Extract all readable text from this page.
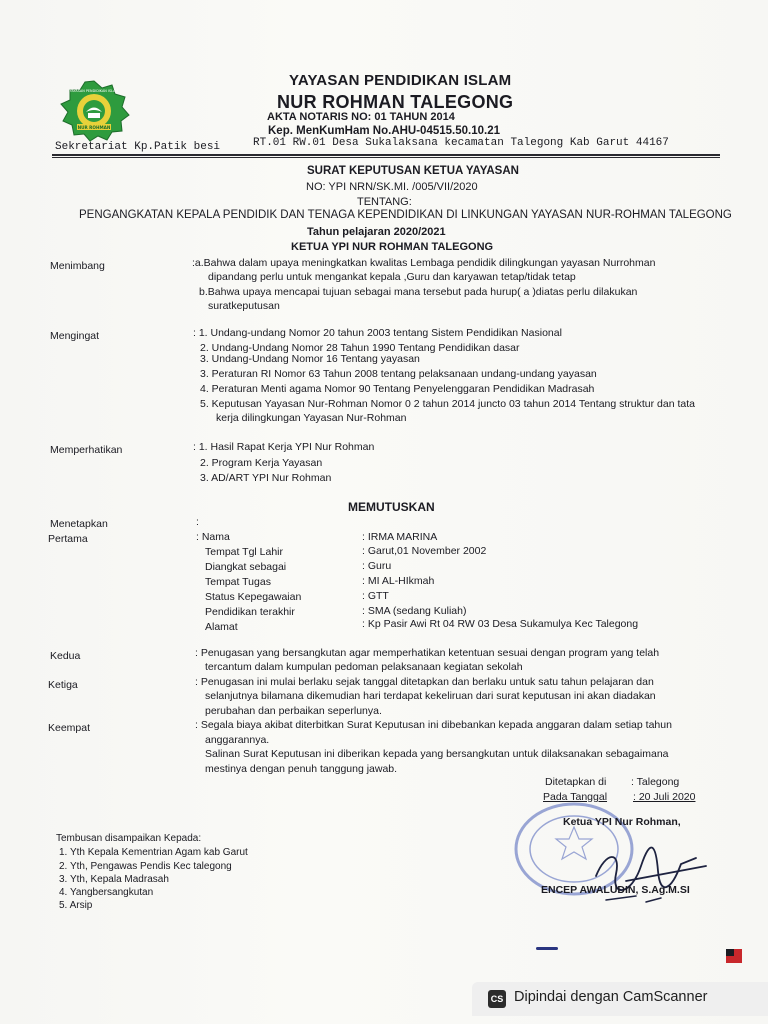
YAYASAN PENDIDIKAN ISLAM
NUR ROHMAN
YAYASAN PENDIDIKAN ISLAM
NUR ROHMAN TALEGONG
AKTA NOTARIS NO: 01 TAHUN 2014
Kep. MenKumHam No.AHU-04515.50.10.21
Sekretariat Kp.Patik besi	RT.01 RW.01 Desa Sukalaksana kecamatan Talegong Kab Garut 44167
SURAT KEPUTUSAN KETUA YAYASAN
NO: YPI NRN/SK.MI. /005/VII/2020
TENTANG:
PENGANGKATAN KEPALA PENDIDIK DAN TENAGA KEPENDIDIKAN DI LINKUNGAN YAYASAN NUR-ROHMAN TALEGONG
Tahun pelajaran 2020/2021
KETUA YPI NUR ROHMAN TALEGONG
Menimbang	:a.Bahwa dalam upaya meningkatkan kwalitas Lembaga pendidik dilingkungan yayasan Nurrohman
dipandang perlu untuk mengankat kepala ,Guru dan karyawan tetap/tidak tetap
b.Bahwa upaya mencapai tujuan sebagai mana tersebut pada hurup( a )diatas perlu dilakukan
suratkeputusan
Mengingat	: 1. Undang-undang Nomor 20 tahun 2003 tentang Sistem Pendidikan Nasional
2. Undang-Undang Nomor 28 Tahun 1990 Tentang Pendidikan dasar
3. Undang-Undang Nomor 16 Tentang yayasan
3. Peraturan RI Nomor 63 Tahun 2008 tentang pelaksanaan undang-undang yayasan
4. Peraturan Menti agama Nomor 90 Tentang Penyelenggaran Pendidikan Madrasah
5. Keputusan Yayasan Nur-Rohman Nomor 0 2 tahun 2014 juncto 03 tahun 2014 Tentang struktur dan tata
kerja dilingkungan Yayasan Nur-Rohman
Memperhatikan	: 1. Hasil Rapat Kerja YPI Nur Rohman
2. Program Kerja Yayasan
3. AD/ART YPI Nur Rohman
MEMUTUSKAN
Menetapkan	:
Pertama	: Nama	: IRMA MARINA
Tempat Tgl Lahir	: Garut,01 November 2002
Diangkat sebagai	: Guru
Tempat Tugas	: MI AL-HIkmah
Status Kepegawaian	: GTT
Pendidikan terakhir	: SMA (sedang Kuliah)
Alamat	: Kp Pasir Awi Rt 04 RW 03 Desa Sukamulya Kec Talegong
Kedua	: Penugasan yang bersangkutan agar memperhatikan ketentuan sesuai dengan program yang telah
tercantum dalam kumpulan pedoman pelaksanaan kegiatan sekolah
Ketiga	: Penugasan ini mulai berlaku sejak tanggal ditetapkan dan berlaku untuk satu tahun pelajaran dan
selanjutnya bilamana dikemudian hari terdapat kekeliruan dari surat keputusan ini akan diadakan
perubahan dan perbaikan seperlunya.
Keempat	: Segala biaya akibat diterbitkan Surat Keputusan ini dibebankan kepada anggaran dalam setiap tahun
anggarannya.
Salinan Surat Keputusan ini diberikan kepada yang bersangkutan untuk dilaksanakan sebagaimana
mestinya dengan penuh tanggung jawab.
Ditetapkan di : Talegong
Pada Tanggal : 20 Juli 2020
Ketua YPI Nur Rohman,
ENCEP AWALUDIN, S.Ag.M.SI
Tembusan disampaikan Kepada:
1. Yth Kepala Kementrian Agam kab Garut
2. Yth, Pengawas Pendis Kec talegong
3. Yth, Kepala Madrasah
4. Yangbersangkutan
5. Arsip
CS Dipindai dengan CamScanner
